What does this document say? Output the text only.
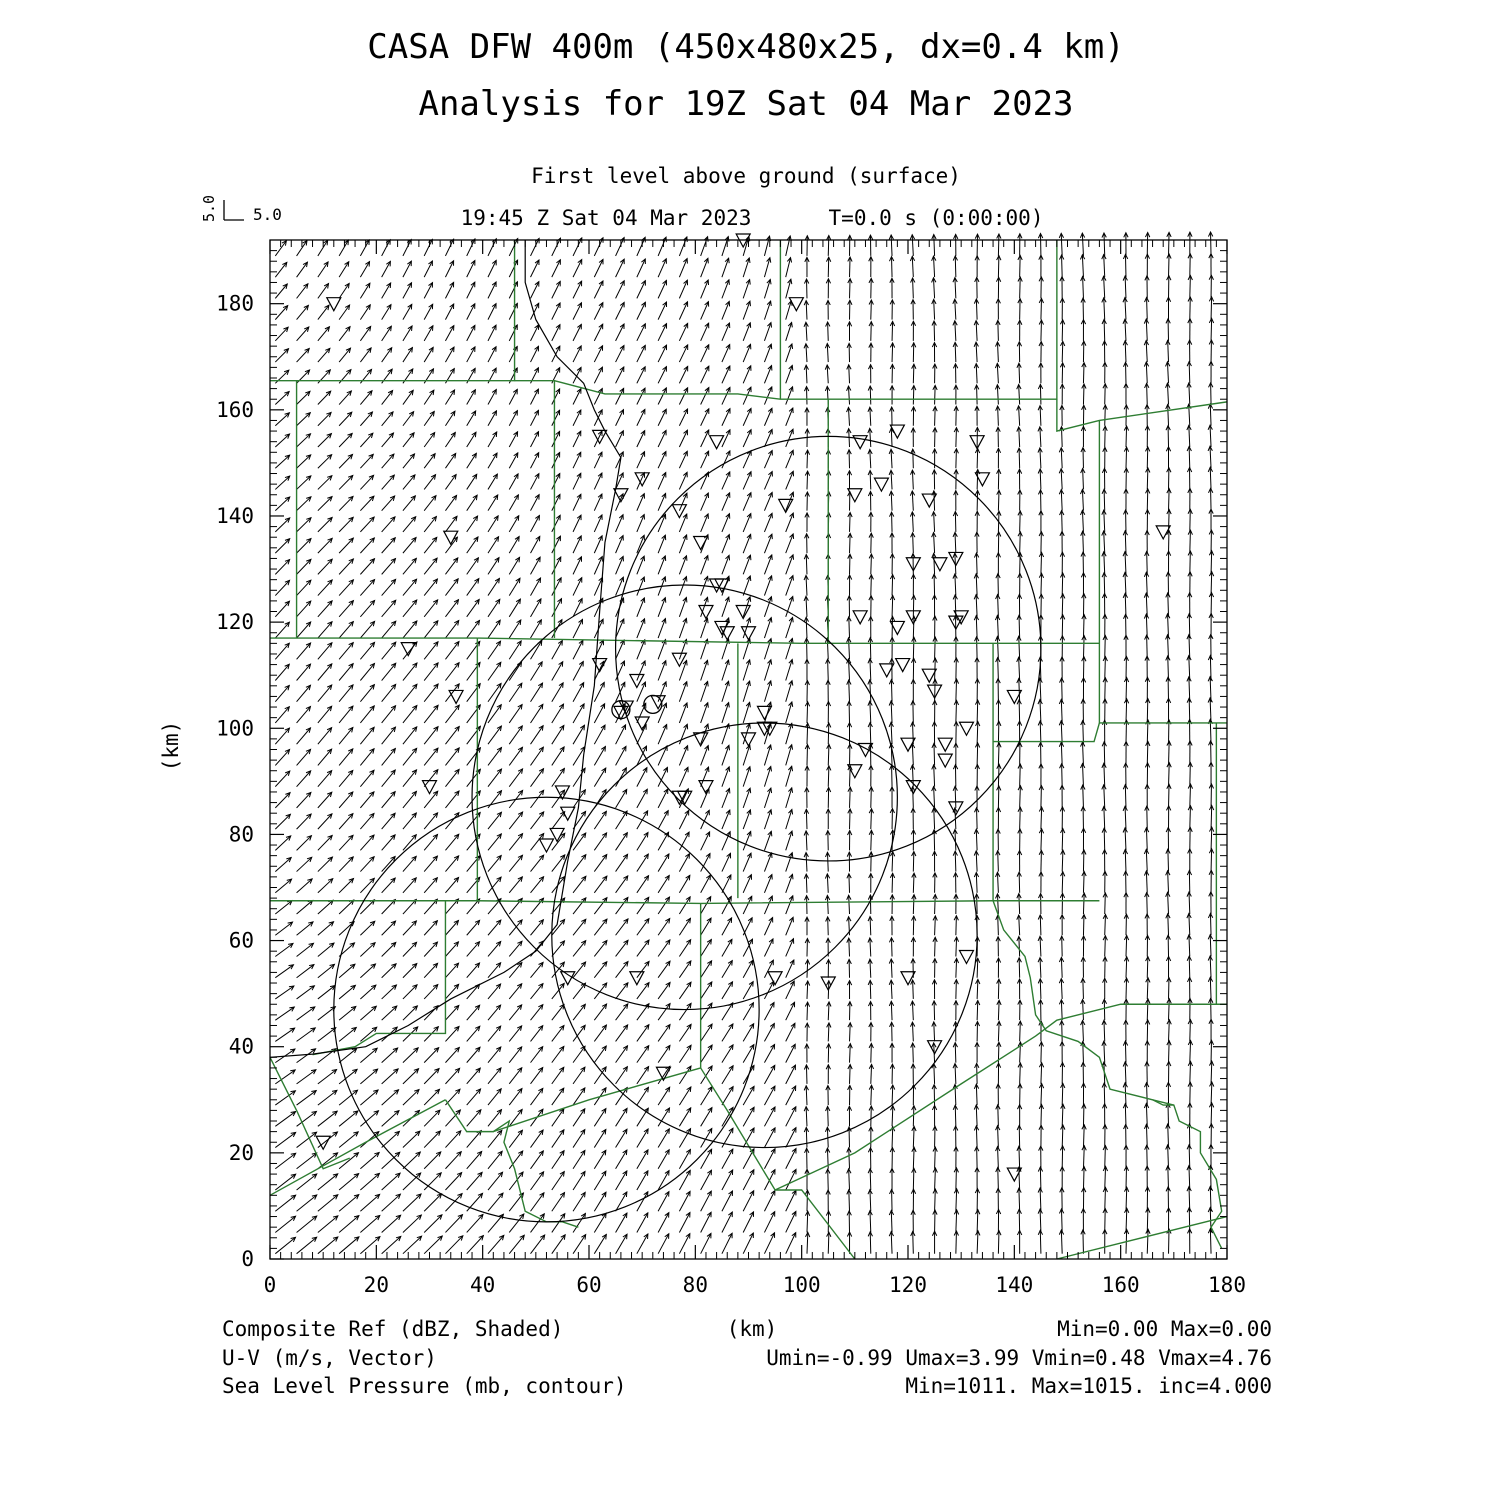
CASA DFW 400m (450x480x25, dx=0.4 km)
Analysis for 19Z Sat 04 Mar 2023
First level above ground (surface)
19:45 Z Sat 04 Mar 2023	T=0.0 s (0:00:00)
5.0 5.0
(km)
0	20	40	60	80	100	120	140	160	180
0
20
40
60
80
100
120
140
160
180
Composite Ref (dBZ, Shaded)
U-V (m/s, Vector)
Sea Level Pressure (mb, contour)
(km)	Min=0.00 Max=0.00
Umin=-0.99 Umax=3.99 Vmin=0.48 Vmax=4.76
Min=1011. Max=1015. inc=4.000
